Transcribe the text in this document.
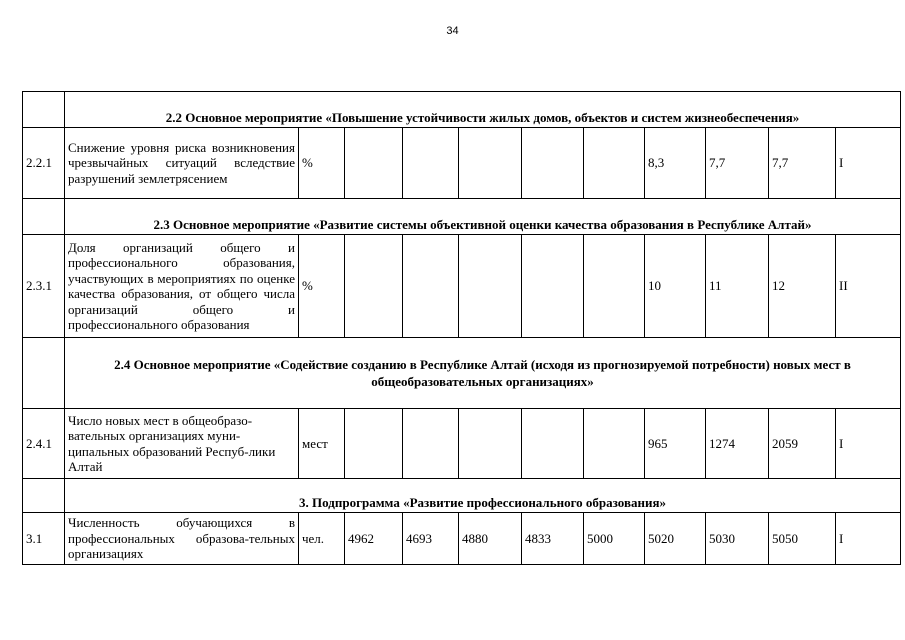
34
	2.2 Основное мероприятие «Повышение устойчивости жилых домов, объектов и систем жизнеобеспечения»										
2.2.1	Снижение уровня риска возникновения чрезвычайных ситуаций вследствие разрушений землетрясением	%						8,3	7,7	7,7	I
	2.3 Основное мероприятие «Развитие системы объективной оценки качества образования в Республике Алтай»										
2.3.1	Доля организаций общего и профессионального образования, участвующих в мероприятиях по оценке качества образования, от общего числа организаций общего и профессионального образования	%						10	11	12	II
	2.4 Основное мероприятие «Содействие созданию в Республике Алтай (исходя из прогнозируемой потребности) новых мест в общеобразовательных организациях»										
2.4.1	Число новых мест в общеобразо-вательных организациях муни-ципальных образований Респуб-лики Алтай	мест						965	1274	2059	I
	3. Подпрограмма «Развитие профессионального образования»										
3.1	Численность обучающихся в профессиональных образова-тельных организациях	чел.	4962	4693	4880	4833	5000	5020	5030	5050	I
